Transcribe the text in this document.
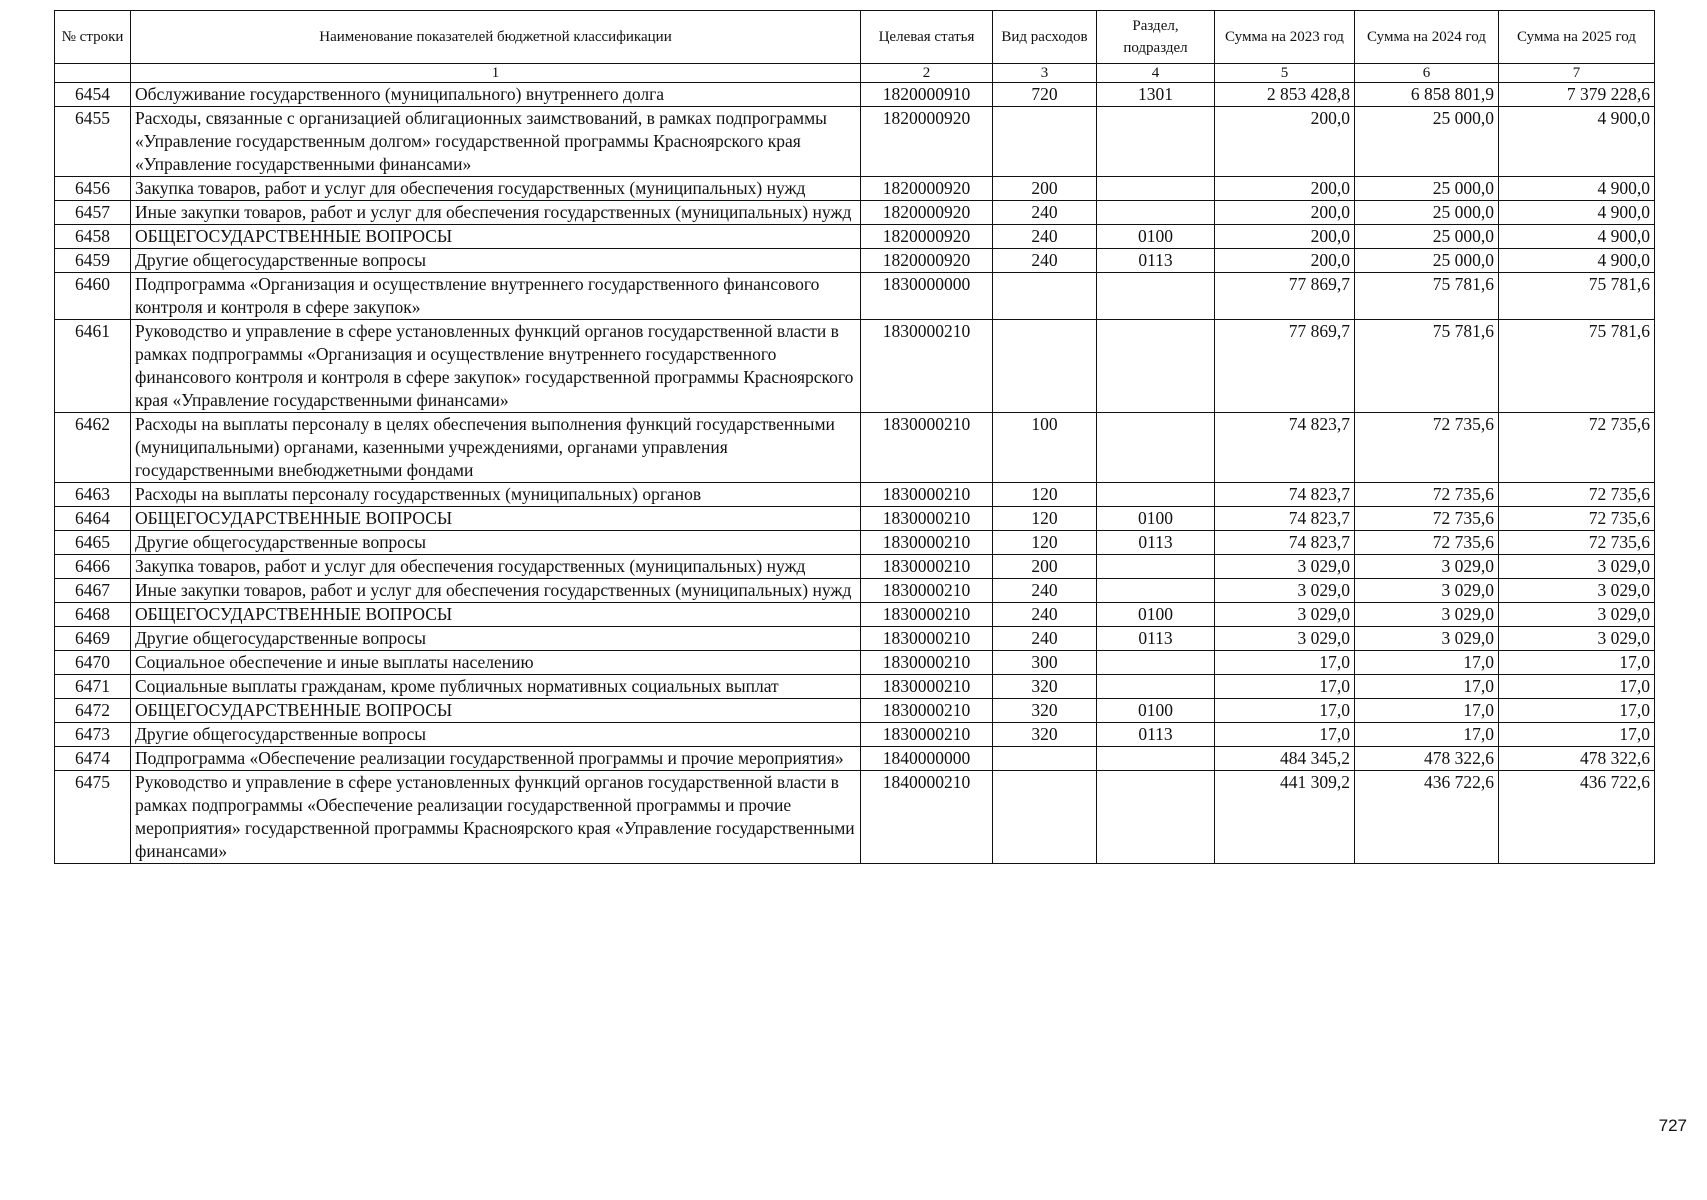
№ строки	Наименование показателей бюджетной классификации	Целевая статья	Вид расходов	Раздел, подраздел	Сумма на 2023 год	Сумма на 2024 год	Сумма на 2025 год
	1	2	3	4	5	6	7
6454	Обслуживание государственного (муниципального) внутреннего долга	1820000910	720	1301	2 853 428,8	6 858 801,9	7 379 228,6
6455	Расходы, связанные с организацией облигационных заимствований, в рамках подпрограммы «Управление государственным долгом» государственной программы Красноярского края «Управление государственными финансами»	1820000920			200,0	25 000,0	4 900,0
6456	Закупка товаров, работ и услуг для обеспечения государственных (муниципальных) нужд	1820000920	200		200,0	25 000,0	4 900,0
6457	Иные закупки товаров, работ и услуг для обеспечения государственных (муниципальных) нужд	1820000920	240		200,0	25 000,0	4 900,0
6458	ОБЩЕГОСУДАРСТВЕННЫЕ ВОПРОСЫ	1820000920	240	0100	200,0	25 000,0	4 900,0
6459	Другие общегосударственные вопросы	1820000920	240	0113	200,0	25 000,0	4 900,0
6460	Подпрограмма «Организация и осуществление внутреннего государственного финансового контроля и контроля в сфере закупок»	1830000000			77 869,7	75 781,6	75 781,6
6461	Руководство и управление в сфере установленных функций органов государственной власти в рамках подпрограммы «Организация и осуществление внутреннего государственного финансового контроля и контроля в сфере закупок» государственной программы Красноярского края «Управление государственными финансами»	1830000210			77 869,7	75 781,6	75 781,6
6462	Расходы на выплаты персоналу в целях обеспечения выполнения функций государственными (муниципальными) органами, казенными учреждениями, органами управления государственными внебюджетными фондами	1830000210	100		74 823,7	72 735,6	72 735,6
6463	Расходы на выплаты персоналу государственных (муниципальных) органов	1830000210	120		74 823,7	72 735,6	72 735,6
6464	ОБЩЕГОСУДАРСТВЕННЫЕ ВОПРОСЫ	1830000210	120	0100	74 823,7	72 735,6	72 735,6
6465	Другие общегосударственные вопросы	1830000210	120	0113	74 823,7	72 735,6	72 735,6
6466	Закупка товаров, работ и услуг для обеспечения государственных (муниципальных) нужд	1830000210	200		3 029,0	3 029,0	3 029,0
6467	Иные закупки товаров, работ и услуг для обеспечения государственных (муниципальных) нужд	1830000210	240		3 029,0	3 029,0	3 029,0
6468	ОБЩЕГОСУДАРСТВЕННЫЕ ВОПРОСЫ	1830000210	240	0100	3 029,0	3 029,0	3 029,0
6469	Другие общегосударственные вопросы	1830000210	240	0113	3 029,0	3 029,0	3 029,0
6470	Социальное обеспечение и иные выплаты населению	1830000210	300		17,0	17,0	17,0
6471	Социальные выплаты гражданам, кроме публичных нормативных социальных выплат	1830000210	320		17,0	17,0	17,0
6472	ОБЩЕГОСУДАРСТВЕННЫЕ ВОПРОСЫ	1830000210	320	0100	17,0	17,0	17,0
6473	Другие общегосударственные вопросы	1830000210	320	0113	17,0	17,0	17,0
6474	Подпрограмма «Обеспечение реализации государственной программы и прочие мероприятия»	1840000000			484 345,2	478 322,6	478 322,6
6475	Руководство и управление в сфере установленных функций органов государственной власти в рамках подпрограммы «Обеспечение реализации государственной программы и прочие мероприятия» государственной программы Красноярского края «Управление государственными финансами»	1840000210			441 309,2	436 722,6	436 722,6
727
